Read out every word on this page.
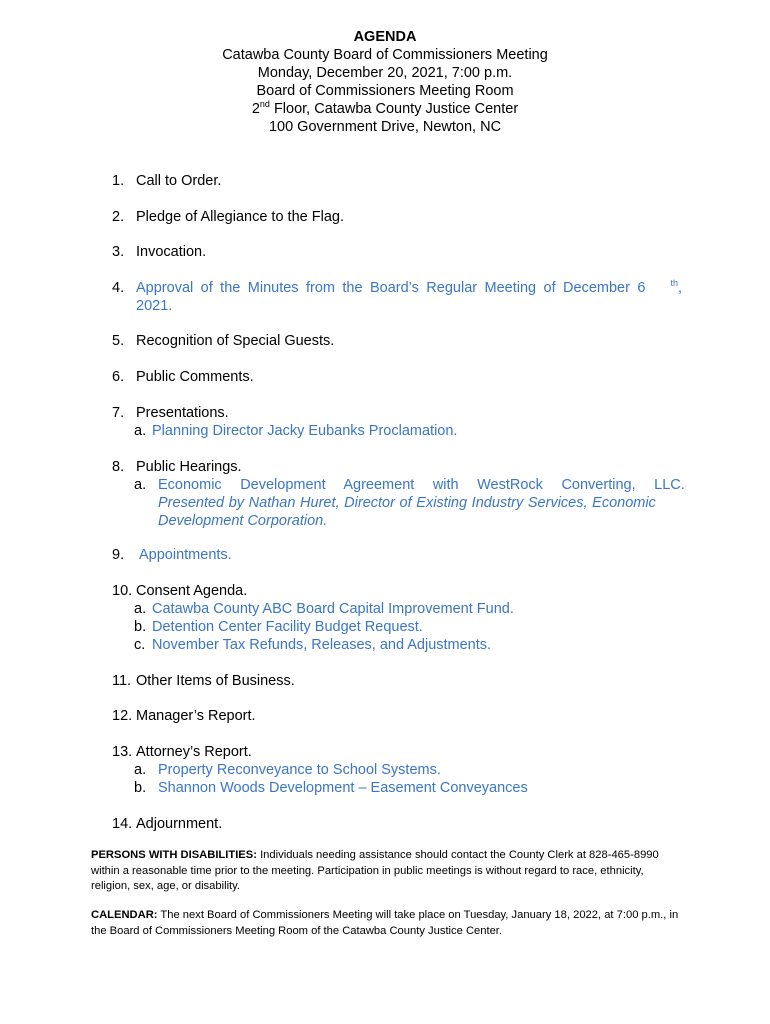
AGENDA
Catawba County Board of Commissioners Meeting
Monday, December 20, 2021, 7:00 p.m.
Board of Commissioners Meeting Room
2nd Floor, Catawba County Justice Center
100 Government Drive, Newton, NC
1. Call to Order.
2. Pledge of Allegiance to the Flag.
3. Invocation.
4. Approval of the Minutes from the Board’s Regular Meeting of December 6	$^{th}$,
2021.
5. Recognition of Special Guests.
6. Public Comments.
7. Presentations.
a. Planning Director Jacky Eubanks Proclamation.
8. Public Hearings.
a. Economic Development Agreement with WestRock Converting, LLC.
Presented by Nathan Huret, Director of Existing Industry Services, Economic
Development Corporation.
9. Appointments.
10. Consent Agenda.
a. Catawba County ABC Board Capital Improvement Fund.
b. Detention Center Facility Budget Request.
c. November Tax Refunds, Releases, and Adjustments.
11. Other Items of Business.
12. Manager’s Report.
13. Attorney’s Report.
a. Property Reconveyance to School Systems.
b. Shannon Woods Development – Easement Conveyances
14. Adjournment.
PERSONS WITH DISABILITIES: Individuals needing assistance should contact the County Clerk at 828-465-8990 within a reasonable time prior to the meeting. Participation in public meetings is without regard to race, ethnicity, religion, sex, age, or disability.
CALENDAR: The next Board of Commissioners Meeting will take place on Tuesday, January 18, 2022, at 7:00 p.m., in the Board of Commissioners Meeting Room of the Catawba County Justice Center.
